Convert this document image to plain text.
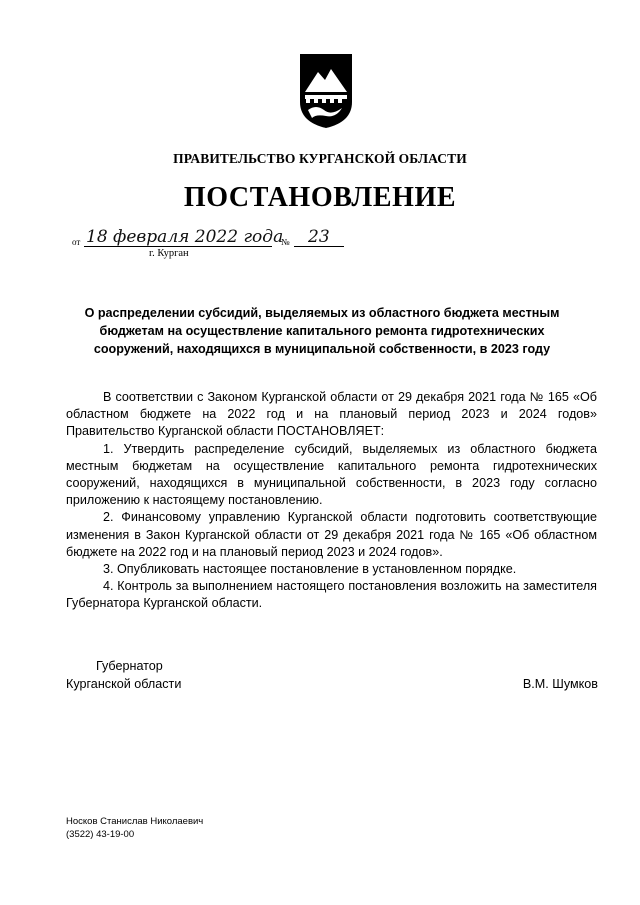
ПРАВИТЕЛЬСТВО КУРГАНСКОЙ ОБЛАСТИ
ПОСТАНОВЛЕНИЕ
от 18 февраля 2022 года
№ 23
г. Курган
О распределении субсидий, выделяемых из областного бюджета местным бюджетам на осуществление капитального ремонта гидротехнических сооружений, находящихся в муниципальной собственности, в 2023 году

В соответствии с Законом Курганской области от 29 декабря 2021 года № 165 «Об областном бюджете на 2022 год и на плановый период 2023 и 2024 годов» Правительство Курганской области ПОСТАНОВЛЯЕТ:

1. Утвердить распределение субсидий, выделяемых из областного бюджета местным бюджетам на осуществление капитального ремонта гидротехнических сооружений, находящихся в муниципальной собственности, в 2023 году согласно приложению к настоящему постановлению.

2. Финансовому управлению Курганской области подготовить соответствующие изменения в Закон Курганской области от 29 декабря 2021 года № 165 «Об областном бюджете на 2022 год и на плановый период 2023 и 2024 годов».

3. Опубликовать настоящее постановление в установленном порядке.

4. Контроль за выполнением настоящего постановления возложить на заместителя Губернатора Курганской области.

Губернатор
Курганской области	В.М. Шумков
Носков Станислав Николаевич
(3522) 43-19-00
